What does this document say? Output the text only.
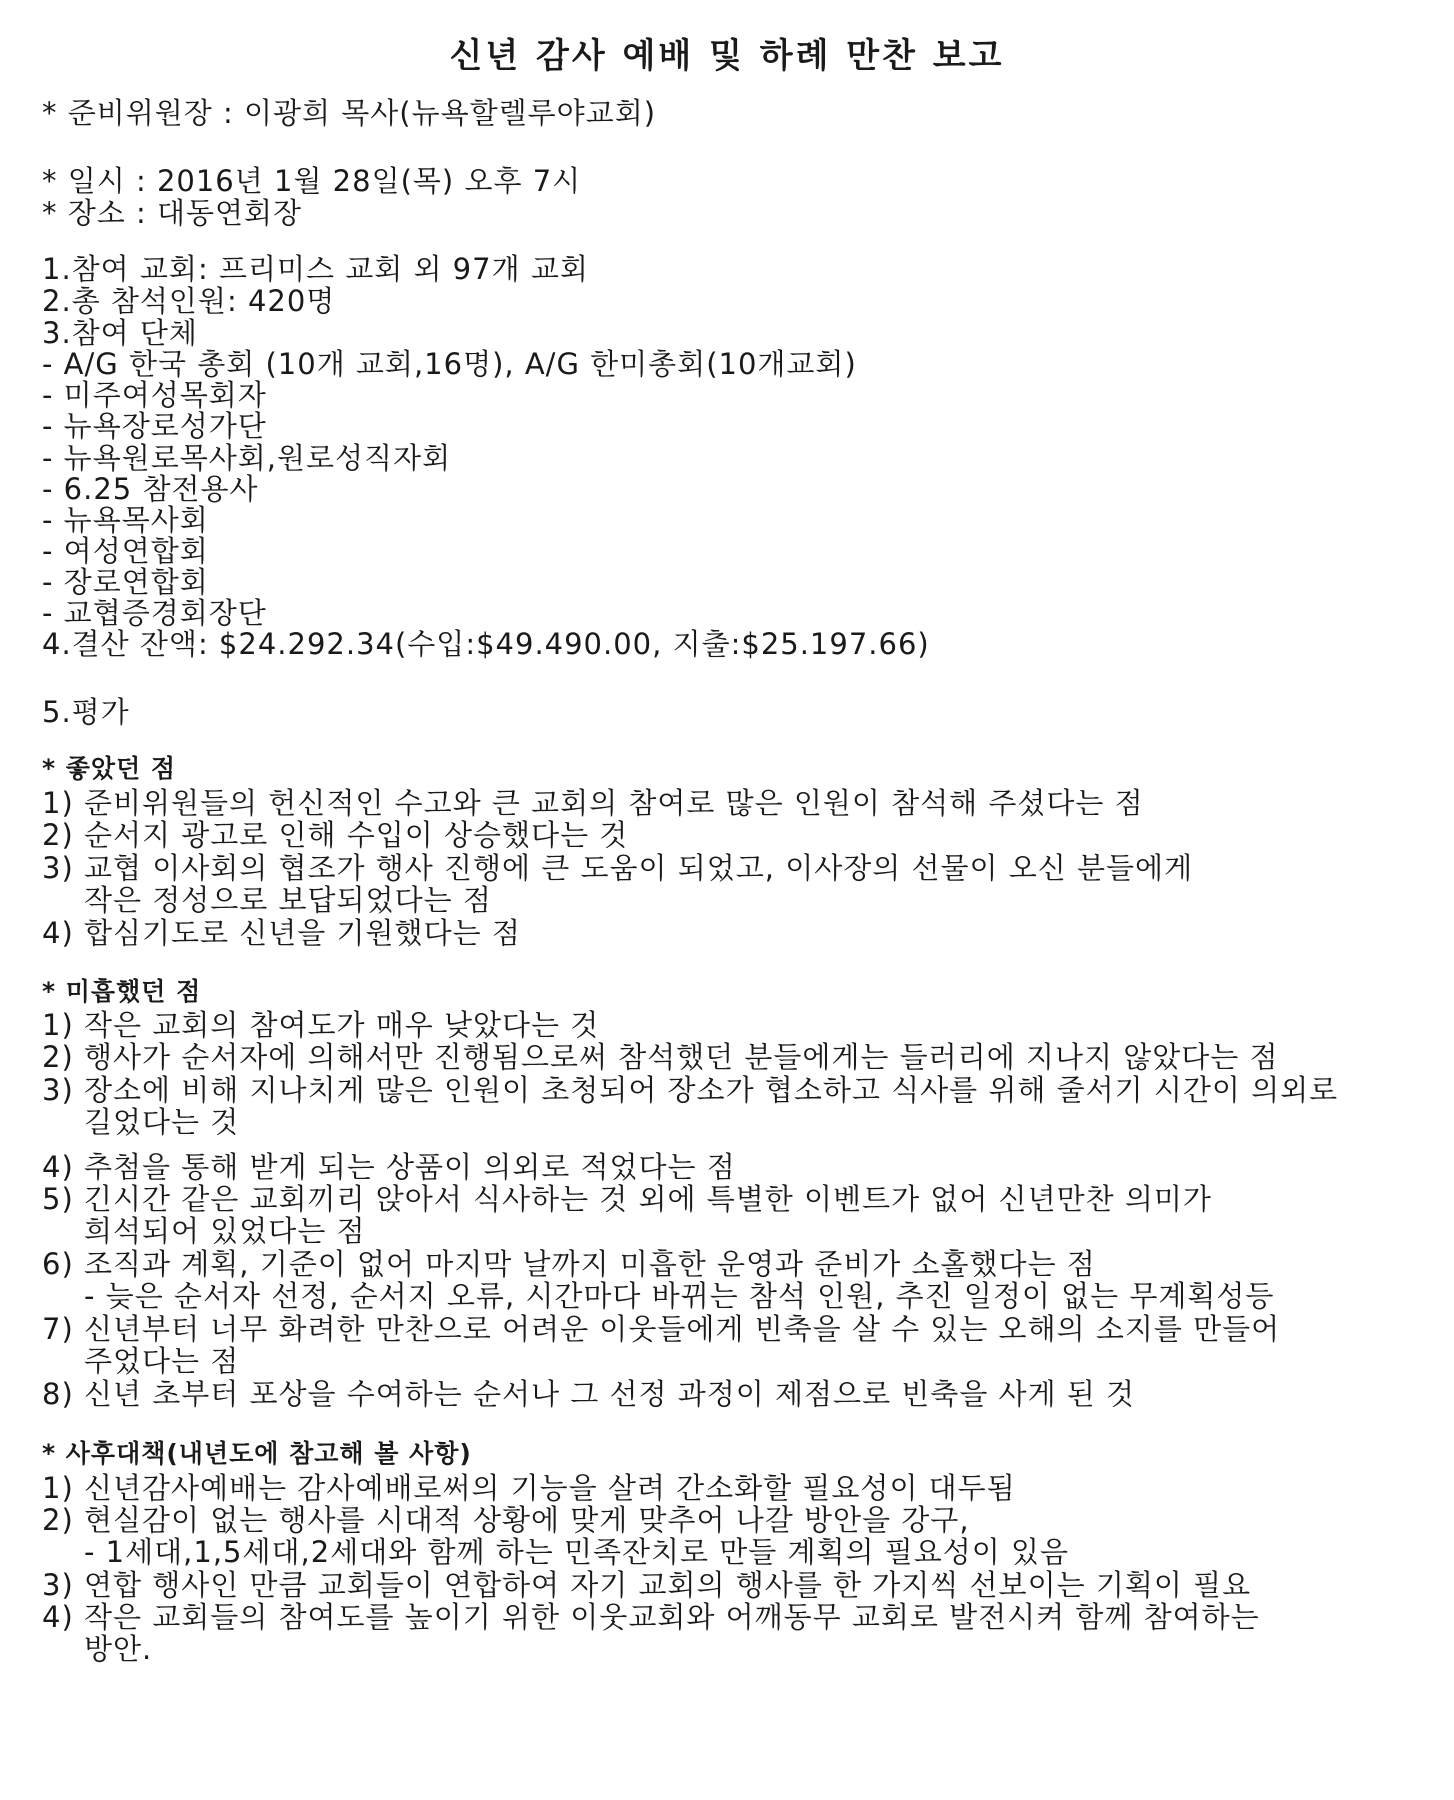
신년 감사 예배 및 하례 만찬 보고
* 준비위원장 : 이광희 목사(뉴욕할렐루야교회)
* 일시 : 2016년 1월 28일(목) 오후 7시
* 장소 : 대동연회장
1.참여 교회: 프리미스 교회 외 97개 교회
2.총 참석인원: 420명
3.참여 단체
- A/G 한국 총회 (10개 교회,16명), A/G 한미총회(10개교회)
- 미주여성목회자
- 뉴욕장로성가단
- 뉴욕원로목사회,원로성직자회
- 6.25 참전용사
- 뉴욕목사회
- 여성연합회
- 장로연합회
- 교협증경회장단
4.결산 잔액: $24.292.34(수입:$49.490.00, 지출:$25.197.66)
5.평가
* 좋았던 점
1) 준비위원들의 헌신적인 수고와 큰 교회의 참여로 많은 인원이 참석해 주셨다는 점
2) 순서지 광고로 인해 수입이 상승했다는 것
3) 교협 이사회의 협조가 행사 진행에 큰 도움이 되었고, 이사장의 선물이 오신 분들에게
작은 정성으로 보답되었다는 점
4) 합심기도로 신년을 기원했다는 점
* 미흡했던 점
1) 작은 교회의 참여도가 매우 낮았다는 것
2) 행사가 순서자에 의해서만 진행됨으로써 참석했던 분들에게는 들러리에 지나지 않았다는 점
3) 장소에 비해 지나치게 많은 인원이 초청되어 장소가 협소하고 식사를 위해 줄서기 시간이 의외로
길었다는 것
4) 추첨을 통해 받게 되는 상품이 의외로 적었다는 점
5) 긴시간 같은 교회끼리 앉아서 식사하는 것 외에 특별한 이벤트가 없어 신년만찬 의미가
희석되어 있었다는 점
6) 조직과 계획, 기준이 없어 마지막 날까지 미흡한 운영과 준비가 소홀했다는 점
- 늦은 순서자 선정, 순서지 오류, 시간마다 바뀌는 참석 인원, 추진 일정이 없는 무계획성등
7) 신년부터 너무 화려한 만찬으로 어려운 이웃들에게 빈축을 살 수 있는 오해의 소지를 만들어
주었다는 점
8) 신년 초부터 포상을 수여하는 순서나 그 선정 과정이 제점으로 빈축을 사게 된 것
* 사후대책(내년도에 참고해 볼 사항)
1) 신년감사예배는 감사예배로써의 기능을 살려 간소화할 필요성이 대두됨
2) 현실감이 없는 행사를 시대적 상황에 맞게 맞추어 나갈 방안을 강구,
- 1세대,1,5세대,2세대와 함께 하는 민족잔치로 만들 계획의 필요성이 있음
3) 연합 행사인 만큼 교회들이 연합하여 자기 교회의 행사를 한 가지씩 선보이는 기획이 필요
4) 작은 교회들의 참여도를 높이기 위한 이웃교회와 어깨동무 교회로 발전시켜 함께 참여하는
방안.
